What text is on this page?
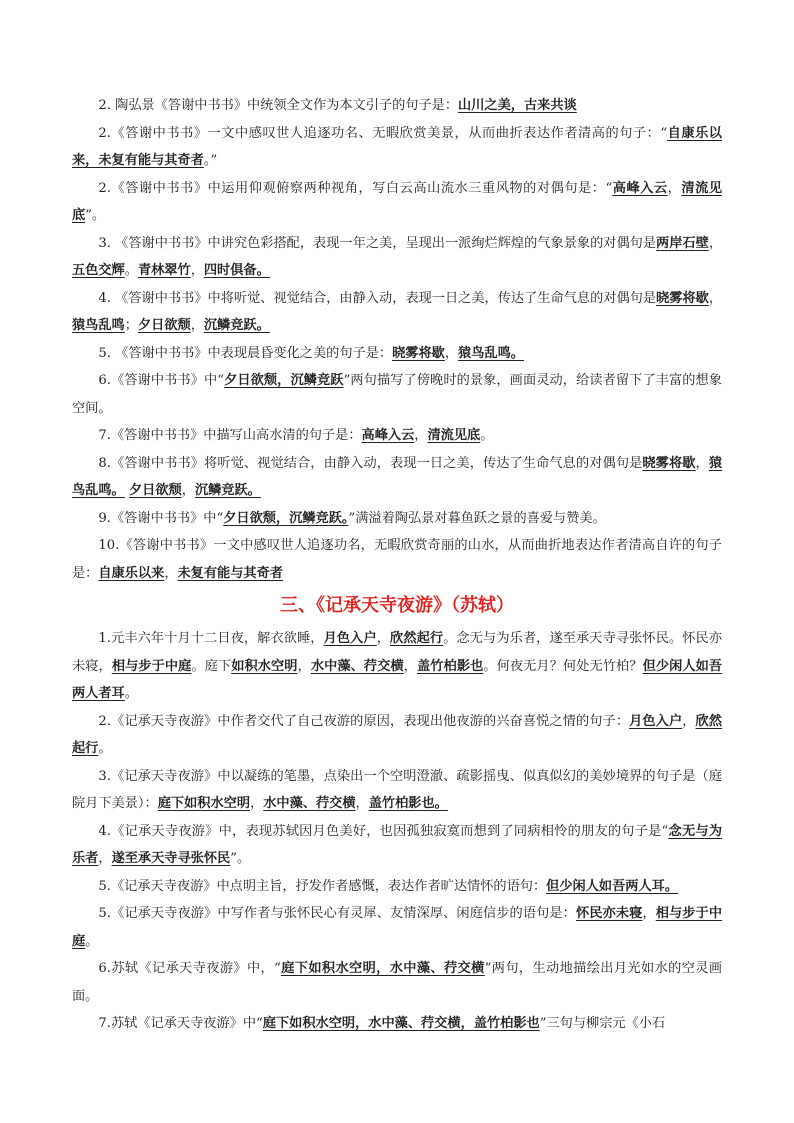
2. 陶弘景《答谢中书书》中统领全文作为本文引子的句子是：山川之美，古来共谈

2.《答谢中书书》一文中感叹世人追逐功名、无暇欣赏美景，从而曲折表达作者清高的句子：“自康乐以来，未复有能与其奇者。”

2.《答谢中书书》中运用仰观俯察两种视角，写白云高山流水三重风物的对偶句是：“高峰入云，清流见底”。

3. 《答谢中书书》中讲究色彩搭配，表现一年之美，呈现出一派绚烂辉煌的气象景象的对偶句是两岸石壁，五色交辉。青林翠竹，四时俱备。

4. 《答谢中书书》中将听觉、视觉结合，由静入动，表现一日之美，传达了生命气息的对偶句是晓雾将歇，猿鸟乱鸣；夕日欲颓，沉鳞竞跃。

5. 《答谢中书书》中表现晨昏变化之美的句子是：晓雾将歇，猿鸟乱鸣。

6.《答谢中书书》中“夕日欲颓，沉鳞竞跃”两句描写了傍晚时的景象，画面灵动，给读者留下了丰富的想象空间。

7.《答谢中书书》中描写山高水清的句子是：高峰入云，清流见底。

8.《答谢中书书》将听觉、视觉结合，由静入动，表现一日之美，传达了生命气息的对偶句是晓雾将歇，猿鸟乱鸣。 夕日欲颓，沉鳞竞跃。

9.《答谢中书书》中“夕日欲颓，沉鳞竞跃。”满溢着陶弘景对暮鱼跃之景的喜爱与赞美。

10.《答谢中书书》一文中感叹世人追逐功名，无暇欣赏奇丽的山水，从而曲折地表达作者清高自许的句子是：自康乐以来，未复有能与其奇者

三、《记承天寺夜游》（苏轼）

1.元丰六年十月十二日夜，解衣欲睡，月色入户，欣然起行。念无与为乐者，遂至承天寺寻张怀民。怀民亦未寝，相与步于中庭。庭下如积水空明，水中藻、荇交横，盖竹柏影也。何夜无月？何处无竹柏？但少闲人如吾两人者耳。

2.《记承天寺夜游》中作者交代了自己夜游的原因，表现出他夜游的兴奋喜悦之情的句子：月色入户，欣然起行。

3.《记承天寺夜游》中以凝练的笔墨，点染出一个空明澄澈、疏影摇曳、似真似幻的美妙境界的句子是（庭院月下美景）：庭下如积水空明，水中藻、荇交横，盖竹柏影也。

4.《记承天寺夜游》中，表现苏轼因月色美好，也因孤独寂寞而想到了同病相怜的朋友的句子是“念无与为乐者，遂至承天寺寻张怀民”。

5.《记承天寺夜游》中点明主旨，抒发作者感慨，表达作者旷达情怀的语句：但少闲人如吾两人耳。

5.《记承天寺夜游》中写作者与张怀民心有灵犀、友情深厚、闲庭信步的语句是：怀民亦未寝，相与步于中庭。

6.苏轼《记承天寺夜游》中，“庭下如积水空明，水中藻、荇交横”两句，生动地描绘出月光如水的空灵画面。

7.苏轼《记承天寺夜游》中“庭下如积水空明，水中藻、荇交横，盖竹柏影也”三句与柳宗元《小石
